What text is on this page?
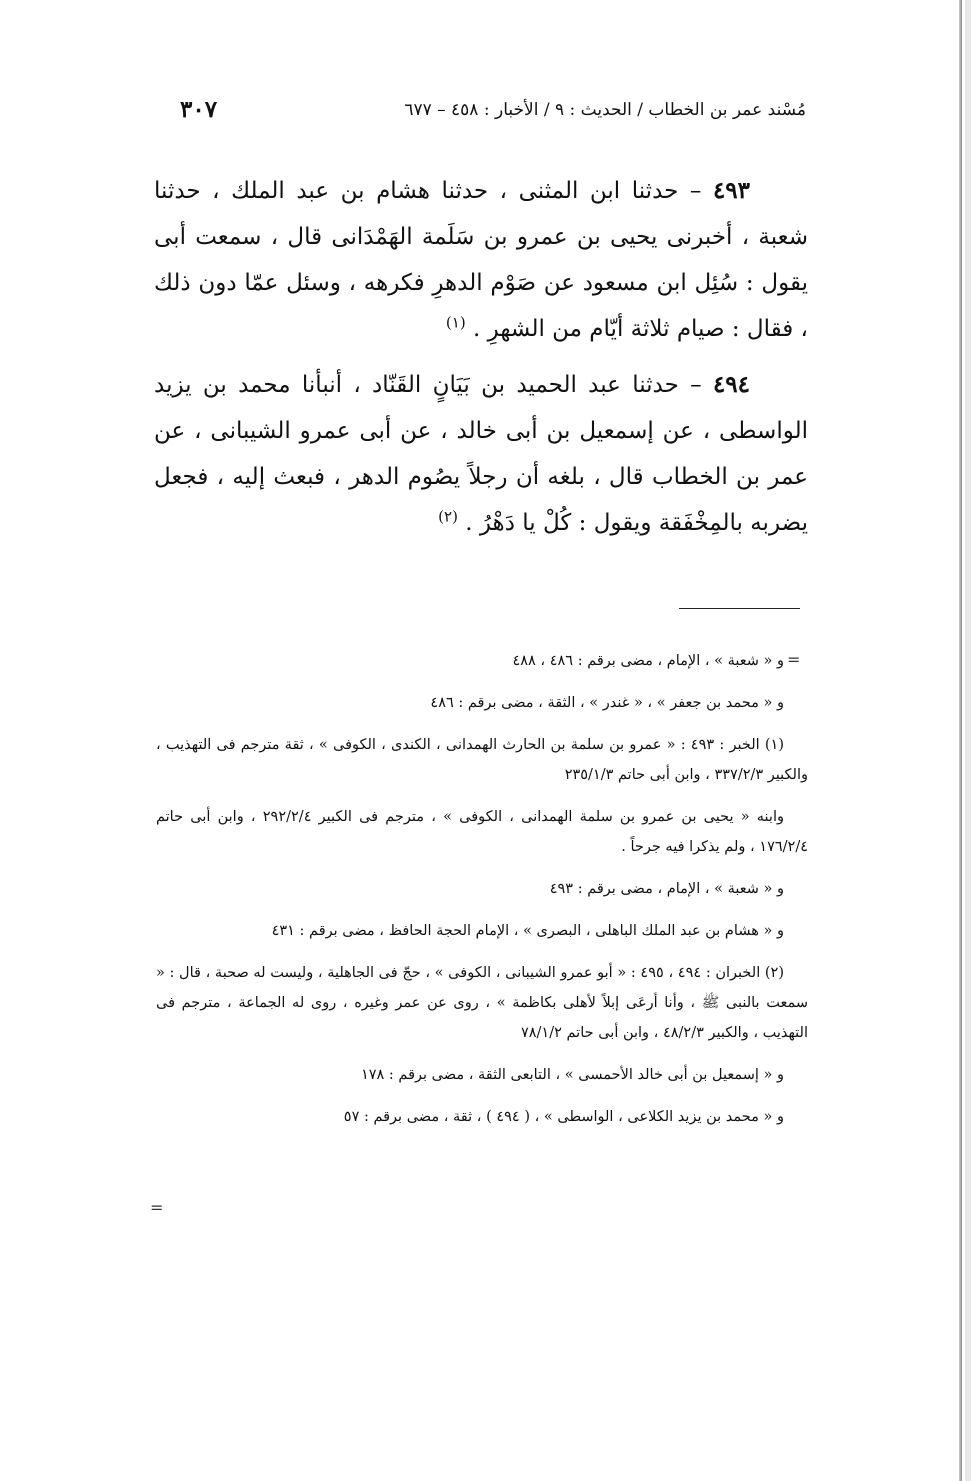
مُسْند عمر بن الخطاب / الحديث : ٩ / الأخبار : ٤٥٨ – ٦٧٧
٣٠٧

٤٩٣ – حدثنا ابن المثنى ، حدثنا هشام بن عبد الملك ، حدثنا شعبة ، أخبرنى يحيى بن عمرو بن سَلَمة الهَمْدَانى قال ، سمعت أبى يقول : سُئِل ابن مسعود عن صَوْم الدهرِ فكرهه ، وسئل عمّا دون ذلك ، فقال : صيام ثلاثة أيّام من الشهرِ . $^{(١)}$

٤٩٤ – حدثنا عبد الحميد بن بَيَانٍ القَنّاد ، أنبأنا محمد بن يزيد الواسطى ، عن إسمعيل بن أبى خالد ، عن أبى عمرو الشيبانى ، عن عمر بن الخطاب قال ، بلغه أن رجلاً يصُوم الدهر ، فبعث إليه ، فجعل يضربه بالمِخْفَقة ويقول : كُلْ يا دَهْرُ . $^{(٢)}$

=

و « شعبة » ، الإمام ، مضى برقم : ٤٨٦ ، ٤٨٨

و « محمد بن جعفر » ، « غندر » ، الثقة ، مضى برقم : ٤٨٦

(١) الخبر : ٤٩٣ : « عمرو بن سلمة بن الحارث الهمدانى ، الكندى ، الكوفى » ، ثقة مترجم فى التهذيب ، والكبير ٣٣٧/٢/٣ ، وابن أبى حاتم ٢٣٥/١/٣

وابنه « يحيى بن عمرو بن سلمة الهمدانى ، الكوفى » ، مترجم فى الكبير ٢٩٢/٢/٤ ، وابن أبى حاتم ١٧٦/٢/٤ ، ولم يذكرا فيه جرحاً .

و « شعبة » ، الإمام ، مضى برقم : ٤٩٣

و « هشام بن عبد الملك الباهلى ، البصرى » ، الإمام الحجة الحافظ ، مضى برقم : ٤٣١

(٢) الخبران : ٤٩٤ ، ٤٩٥ : « أبو عمرو الشيبانى ، الكوفى » ، حجّ فى الجاهلية ، وليست له صحبة ، قال : « سمعت بالنبى ﷺ ، وأنا أرعَى إبلاً لأهلى بكاظمة » ، روى عن عمر وغيره ، روى له الجماعة ، مترجم فى التهذيب ، والكبير ٤٨/٢/٣ ، وابن أبى حاتم ٧٨/١/٢

و « إسمعيل بن أبى خالد الأحمسى » ، التابعى الثقة ، مضى برقم : ١٧٨

و « محمد بن يزيد الكلاعى ، الواسطى » ، ( ٤٩٤ ) ، ثقة ، مضى برقم : ٥٧

=
